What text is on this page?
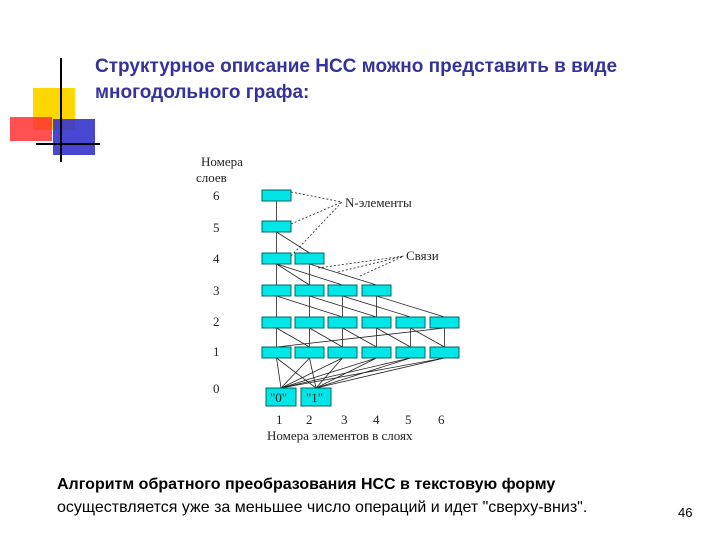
Структурное описание НСС можно представить в виде
многодольного графа:
Номера
слоев
6
5
4
3
2
1
0
1 2 3 4 5 6
Номера элементов в слоях
N-элементы
Связи
"0" "1"
Алгоритм обратного преобразования НСС в текстовую форму
осуществляется уже за меньшее число операций и идет "сверху-вниз".	46
